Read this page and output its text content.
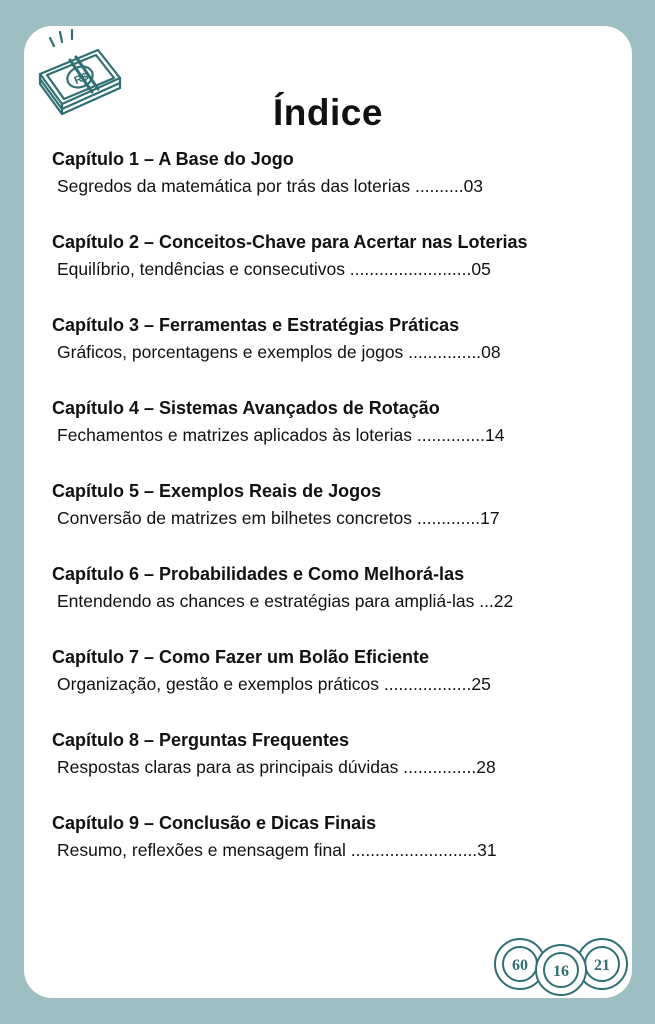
R$
Índice
Capítulo 1 – A Base do Jogo
Segredos da matemática por trás das loterias ..........03
Capítulo 2 – Conceitos-Chave para Acertar nas Loterias
Equilíbrio, tendências e consecutivos .........................05
Capítulo 3 – Ferramentas e Estratégias Práticas
Gráficos, porcentagens e exemplos de jogos ...............08
Capítulo 4 – Sistemas Avançados de Rotação
Fechamentos e matrizes aplicados às loterias ..............14
Capítulo 5 – Exemplos Reais de Jogos
Conversão de matrizes em bilhetes concretos .............17
Capítulo 6 – Probabilidades e Como Melhorá-las
Entendendo as chances e estratégias para ampliá-las ...22
Capítulo 7 – Como Fazer um Bolão Eficiente
Organização, gestão e exemplos práticos ..................25
Capítulo 8 – Perguntas Frequentes
Respostas claras para as principais dúvidas ...............28
Capítulo 9 – Conclusão e Dicas Finais
Resumo, reflexões e mensagem final ..........................31
60 16 21
